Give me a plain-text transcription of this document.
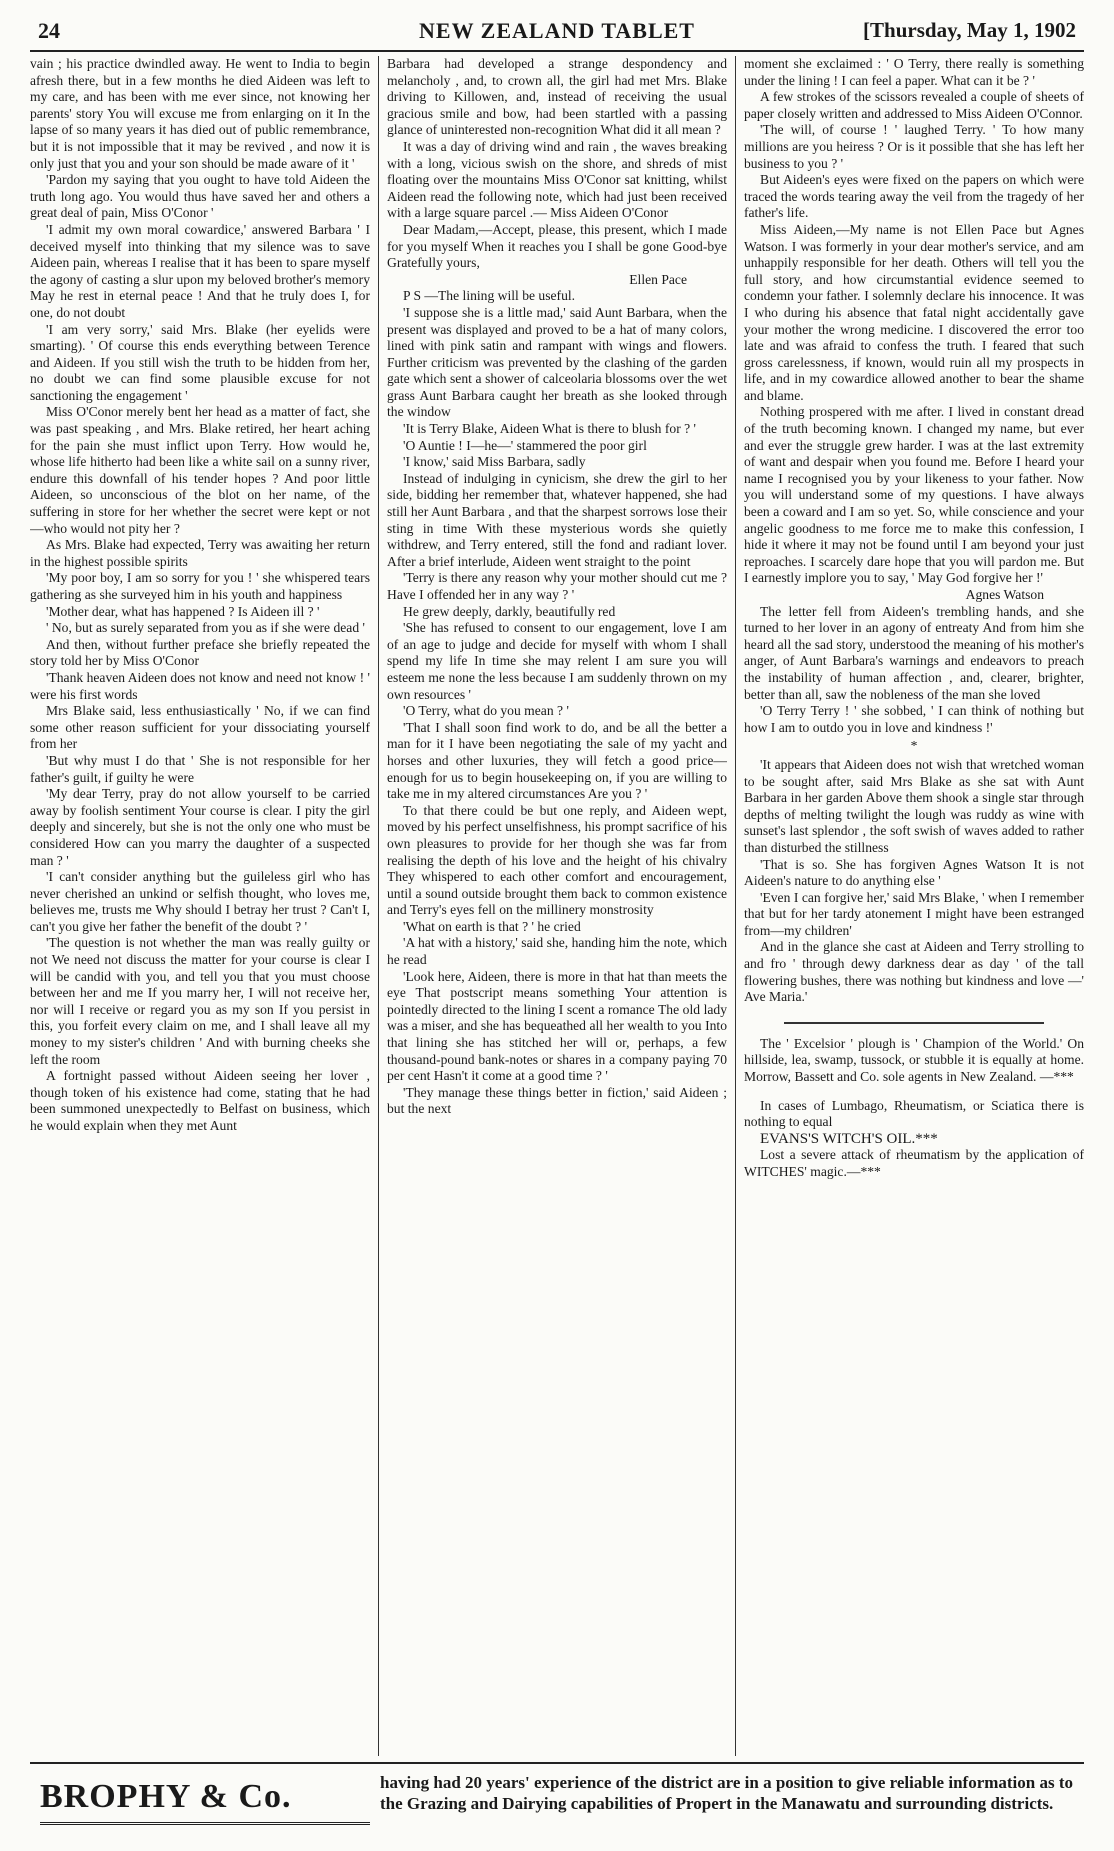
24	NEW ZEALAND TABLET	[Thursday, May 1, 1902

vain ; his practice dwindled away. He went to India to begin afresh there, but in a few months he died Aideen was left to my care, and has been with me ever since, not knowing her parents' story You will excuse me from enlarging on it In the lapse of so many years it has died out of public remembrance, but it is not impossible that it may be revived , and now it is only just that you and your son should be made aware of it '

'Pardon my saying that you ought to have told Aideen the truth long ago. You would thus have saved her and others a great deal of pain, Miss O'Conor '

'I admit my own moral cowardice,' answered Barbara ' I deceived myself into thinking that my silence was to save Aideen pain, whereas I realise that it has been to spare myself the agony of casting a slur upon my beloved brother's memory May he rest in eternal peace ! And that he truly does I, for one, do not doubt

'I am very sorry,' said Mrs. Blake (her eyelids were smarting). ' Of course this ends everything between Terence and Aideen. If you still wish the truth to be hidden from her, no doubt we can find some plausible excuse for not sanctioning the engagement '

Miss O'Conor merely bent her head as a matter of fact, she was past speaking , and Mrs. Blake retired, her heart aching for the pain she must inflict upon Terry. How would he, whose life hitherto had been like a white sail on a sunny river, endure this downfall of his tender hopes ? And poor little Aideen, so unconscious of the blot on her name, of the suffering in store for her whether the secret were kept or not—who would not pity her ?

As Mrs. Blake had expected, Terry was awaiting her return in the highest possible spirits

'My poor boy, I am so sorry for you ! ' she whispered tears gathering as she surveyed him in his youth and happiness

'Mother dear, what has happened ? Is Aideen ill ? '

' No, but as surely separated from you as if she were dead '

And then, without further preface she briefly repeated the story told her by Miss O'Conor

'Thank heaven Aideen does not know and need not know ! ' were his first words

Mrs Blake said, less enthusiastically ' No, if we can find some other reason sufficient for your dissociating yourself from her

'But why must I do that ' She is not responsible for her father's guilt, if guilty he were

'My dear Terry, pray do not allow yourself to be carried away by foolish sentiment Your course is clear. I pity the girl deeply and sincerely, but she is not the only one who must be considered How can you marry the daughter of a suspected man ? '

'I can't consider anything but the guileless girl who has never cherished an unkind or selfish thought, who loves me, believes me, trusts me Why should I betray her trust ? Can't I, can't you give her father the benefit of the doubt ? '

'The question is not whether the man was really guilty or not We need not discuss the matter for your course is clear I will be candid with you, and tell you that you must choose between her and me If you marry her, I will not receive her, nor will I receive or regard you as my son If you persist in this, you forfeit every claim on me, and I shall leave all my money to my sister's children ' And with burning cheeks she left the room

A fortnight passed without Aideen seeing her lover , though token of his existence had come, stating that he had been summoned unexpectedly to Belfast on business, which he would explain when they met Aunt

Barbara had developed a strange despondency and melancholy , and, to crown all, the girl had met Mrs. Blake driving to Killowen, and, instead of receiving the usual gracious smile and bow, had been startled with a passing glance of uninterested non-recognition What did it all mean ?

It was a day of driving wind and rain , the waves breaking with a long, vicious swish on the shore, and shreds of mist floating over the mountains Miss O'Conor sat knitting, whilst Aideen read the following note, which had just been received with a large square parcel .— Miss Aideen O'Conor

Dear Madam,—Accept, please, this present, which I made for you myself When it reaches you I shall be gone Good-bye Gratefully yours,

Ellen Pace

P S —The lining will be useful.

'I suppose she is a little mad,' said Aunt Barbara, when the present was displayed and proved to be a hat of many colors, lined with pink satin and rampant with wings and flowers. Further criticism was prevented by the clashing of the garden gate which sent a shower of calceolaria blossoms over the wet grass Aunt Barbara caught her breath as she looked through the window

'It is Terry Blake, Aideen What is there to blush for ? '

'O Auntie ! I—he—' stammered the poor girl

'I know,' said Miss Barbara, sadly

Instead of indulging in cynicism, she drew the girl to her side, bidding her remember that, whatever happened, she had still her Aunt Barbara , and that the sharpest sorrows lose their sting in time With these mysterious words she quietly withdrew, and Terry entered, still the fond and radiant lover. After a brief interlude, Aideen went straight to the point

'Terry is there any reason why your mother should cut me ? Have I offended her in any way ? '

He grew deeply, darkly, beautifully red

'She has refused to consent to our engagement, love I am of an age to judge and decide for myself with whom I shall spend my life In time she may relent I am sure you will esteem me none the less because I am suddenly thrown on my own resources '

'O Terry, what do you mean ? '

'That I shall soon find work to do, and be all the better a man for it I have been negotiating the sale of my yacht and horses and other luxuries, they will fetch a good price—enough for us to begin housekeeping on, if you are willing to take me in my altered circumstances Are you ? '

To that there could be but one reply, and Aideen wept, moved by his perfect unselfishness, his prompt sacrifice of his own pleasures to provide for her though she was far from realising the depth of his love and the height of his chivalry They whispered to each other comfort and encouragement, until a sound outside brought them back to common existence and Terry's eyes fell on the millinery monstrosity

'What on earth is that ? ' he cried

'A hat with a history,' said she, handing him the note, which he read

'Look here, Aideen, there is more in that hat than meets the eye That postscript means something Your attention is pointedly directed to the lining I scent a romance The old lady was a miser, and she has bequeathed all her wealth to you Into that lining she has stitched her will or, perhaps, a few thousand-pound bank-notes or shares in a company paying 70 per cent Hasn't it come at a good time ? '

'They manage these things better in fiction,' said Aideen ; but the next

moment she exclaimed : ' O Terry, there really is something under the lining ! I can feel a paper. What can it be ? '

A few strokes of the scissors revealed a couple of sheets of paper closely written and addressed to Miss Aideen O'Connor.

'The will, of course ! ' laughed Terry. ' To how many millions are you heiress ? Or is it possible that she has left her business to you ? '

But Aideen's eyes were fixed on the papers on which were traced the words tearing away the veil from the tragedy of her father's life.

Miss Aideen,—My name is not Ellen Pace but Agnes Watson. I was formerly in your dear mother's service, and am unhappily responsible for her death. Others will tell you the full story, and how circumstantial evidence seemed to condemn your father. I solemnly declare his innocence. It was I who during his absence that fatal night accidentally gave your mother the wrong medicine. I discovered the error too late and was afraid to confess the truth. I feared that such gross carelessness, if known, would ruin all my prospects in life, and in my cowardice allowed another to bear the shame and blame.

Nothing prospered with me after. I lived in constant dread of the truth becoming known. I changed my name, but ever and ever the struggle grew harder. I was at the last extremity of want and despair when you found me. Before I heard your name I recognised you by your likeness to your father. Now you will understand some of my questions. I have always been a coward and I am so yet. So, while conscience and your angelic goodness to me force me to make this confession, I hide it where it may not be found until I am beyond your just reproaches. I scarcely dare hope that you will pardon me. But I earnestly implore you to say, ' May God forgive her !'

Agnes Watson

The letter fell from Aideen's trembling hands, and she turned to her lover in an agony of entreaty And from him she heard all the sad story, understood the meaning of his mother's anger, of Aunt Barbara's warnings and endeavors to preach the instability of human affection , and, clearer, brighter, better than all, saw the nobleness of the man she loved

'O Terry Terry ! ' she sobbed, ' I can think of nothing but how I am to outdo you in love and kindness !'

*

'It appears that Aideen does not wish that wretched woman to be sought after, said Mrs Blake as she sat with Aunt Barbara in her garden Above them shook a single star through depths of melting twilight the lough was ruddy as wine with sunset's last splendor , the soft swish of waves added to rather than disturbed the stillness

'That is so. She has forgiven Agnes Watson It is not Aideen's nature to do anything else '

'Even I can forgive her,' said Mrs Blake, ' when I remember that but for her tardy atonement I might have been estranged from—my children'

And in the glance she cast at Aideen and Terry strolling to and fro ' through dewy darkness dear as day ' of the tall flowering bushes, there was nothing but kindness and love —' Ave Maria.'

The ' Excelsior ' plough is ' Champion of the World.' On hillside, lea, swamp, tussock, or stubble it is equally at home. Morrow, Bassett and Co. sole agents in New Zealand. —***

In cases of Lumbago, Rheumatism, or Sciatica there is nothing to equal

EVANS'S WITCH'S OIL.***

Lost a severe attack of rheumatism by the application of WITCHES' magic.—***

BROPHY & Co.	having had 20 years' experience of the district are in a position to give reliable information as to the Grazing and Dairying capabilities of Propert in the Manawatu and surrounding districts.
